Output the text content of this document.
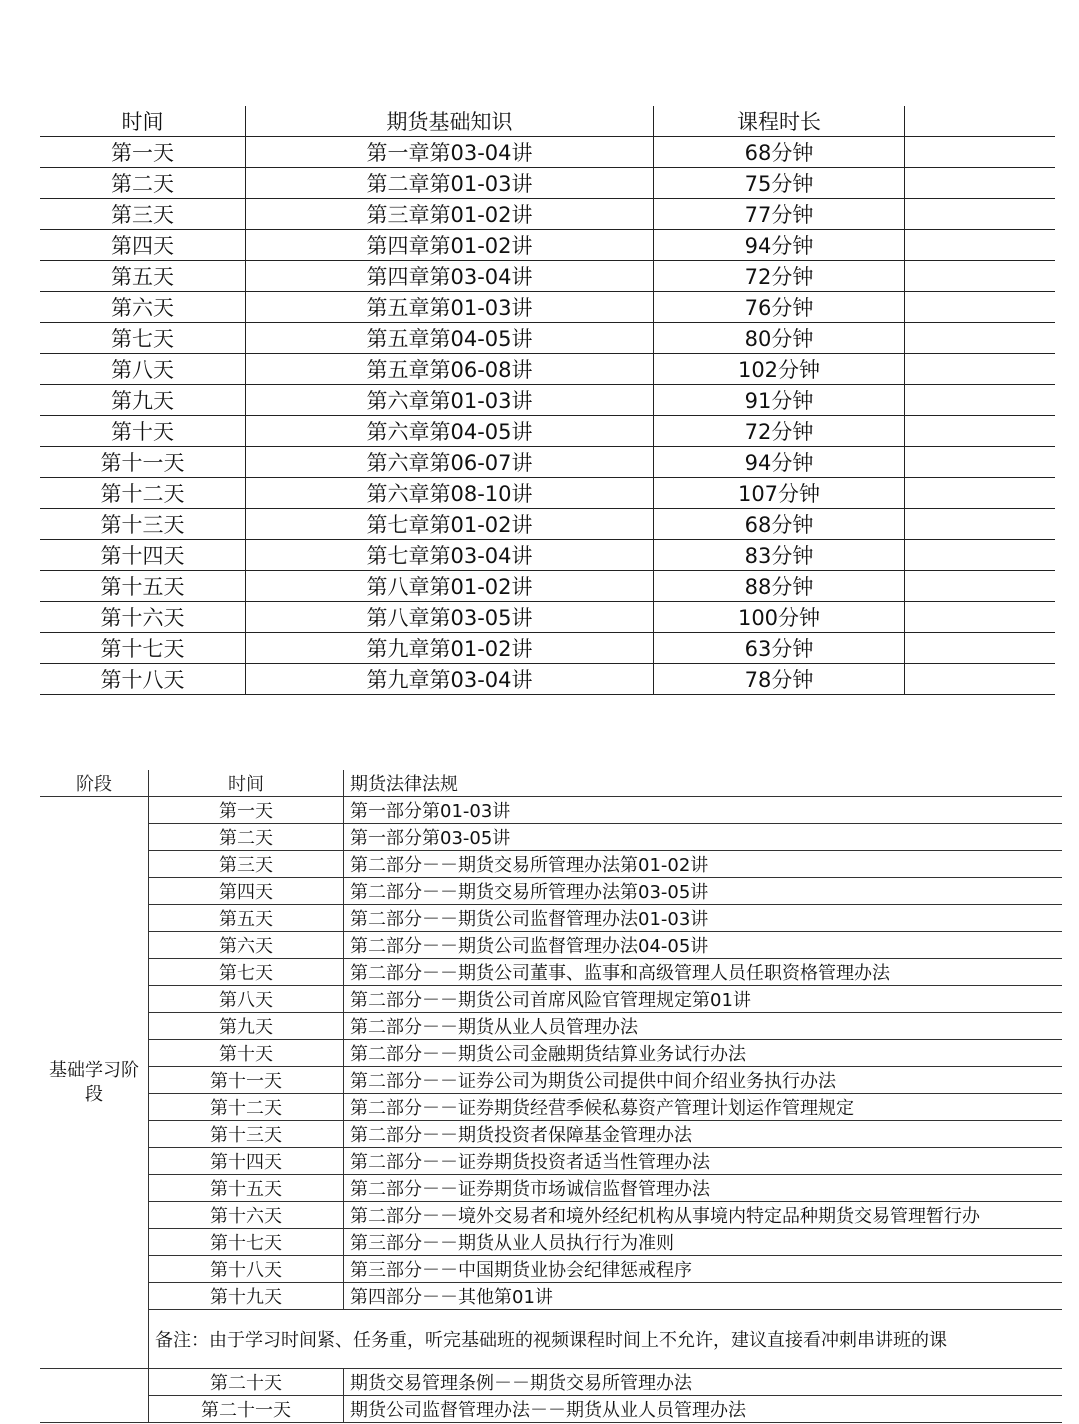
时间	期货基础知识	课程时长	
第一天	第一章第03-04讲	68分钟	
第二天	第二章第01-03讲	75分钟	
第三天	第三章第01-02讲	77分钟	
第四天	第四章第01-02讲	94分钟	
第五天	第四章第03-04讲	72分钟	
第六天	第五章第01-03讲	76分钟	
第七天	第五章第04-05讲	80分钟	
第八天	第五章第06-08讲	102分钟	
第九天	第六章第01-03讲	91分钟	
第十天	第六章第04-05讲	72分钟	
第十一天	第六章第06-07讲	94分钟	
第十二天	第六章第08-10讲	107分钟	
第十三天	第七章第01-02讲	68分钟	
第十四天	第七章第03-04讲	83分钟	
第十五天	第八章第01-02讲	88分钟	
第十六天	第八章第03-05讲	100分钟	
第十七天	第九章第01-02讲	63分钟	
第十八天	第九章第03-04讲	78分钟	
阶段	时间	期货法律法规
基础学习阶段	第一天	第一部分第01-03讲
	第二天	第一部分第03-05讲
	第三天	第二部分－－期货交易所管理办法第01-02讲
	第四天	第二部分－－期货交易所管理办法第03-05讲
	第五天	第二部分－－期货公司监督管理办法01-03讲
	第六天	第二部分－－期货公司监督管理办法04-05讲
	第七天	第二部分－－期货公司董事、监事和高级管理人员任职资格管理办法
	第八天	第二部分－－期货公司首席风险官管理规定第01讲
	第九天	第二部分－－期货从业人员管理办法
	第十天	第二部分－－期货公司金融期货结算业务试行办法
	第十一天	第二部分－－证券公司为期货公司提供中间介绍业务执行办法
	第十二天	第二部分－－证券期货经营季候私募资产管理计划运作管理规定
	第十三天	第二部分－－期货投资者保障基金管理办法
	第十四天	第二部分－－证券期货投资者适当性管理办法
	第十五天	第二部分－－证券期货市场诚信监督管理办法
	第十六天	第二部分－－境外交易者和境外经纪机构从事境内特定品种期货交易管理暂行办
	第十七天	第三部分－－期货从业人员执行行为准则
	第十八天	第三部分－－中国期货业协会纪律惩戒程序
	第十九天	第四部分－－其他第01讲
	备注：由于学习时间紧、任务重，听完基础班的视频课程时间上不允许，建议直接看冲刺串讲班的课	
	第二十天	期货交易管理条例－－期货交易所管理办法
	第二十一天	期货公司监督管理办法－－期货从业人员管理办法
